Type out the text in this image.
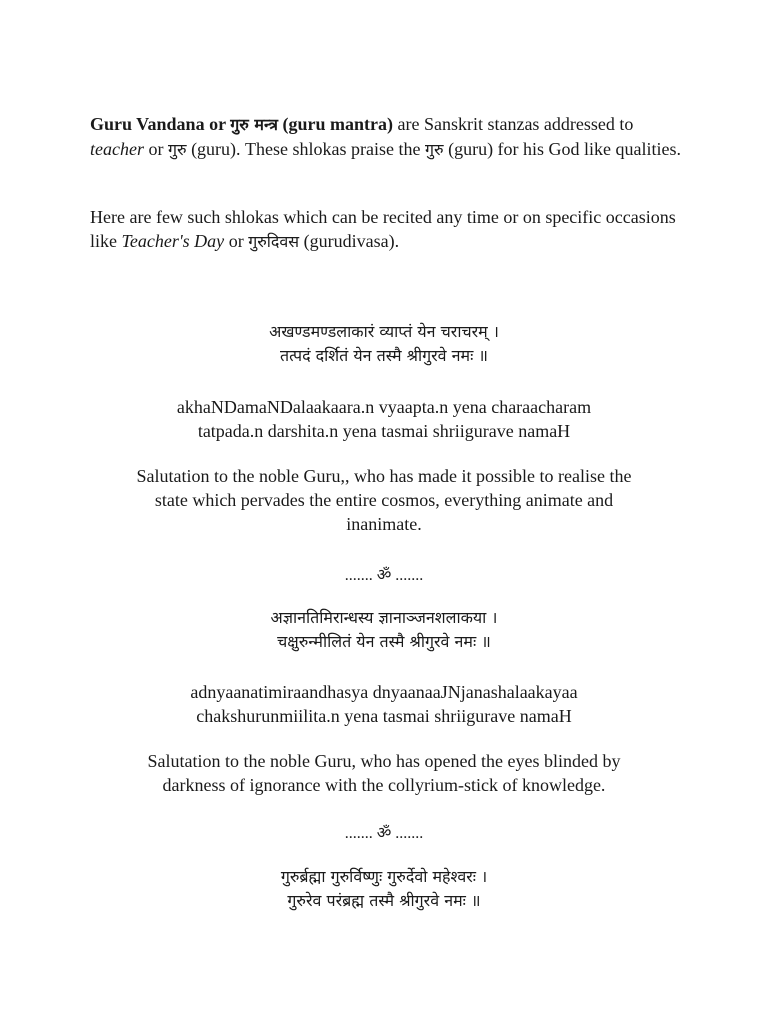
Guru Vandana or गुरु मन्त्र (guru mantra) are Sanskrit stanzas addressed to teacher or गुरु (guru). These shlokas praise the गुरु (guru) for his God like qualities.

Here are few such shlokas which can be recited any time or on specific occasions like Teacher's Day or गुरुदिवस (gurudivasa).

अखण्डमण्डलाकारं व्याप्तं येन चराचरम् ।
तत्पदं दर्शितं येन तस्मै श्रीगुरवे नमः ॥
akhaNDamaNDalaakaara.n vyaapta.n yena charaacharam
tatpada.n darshita.n yena tasmai shriigurave namaH
Salutation to the noble Guru,, who has made it possible to realise the
state which pervades the entire cosmos, everything animate and
inanimate.
....... ॐ .......
अज्ञानतिमिरान्धस्य ज्ञानाञ्जनशलाकया ।
चक्षुरुन्मीलितं येन तस्मै श्रीगुरवे नमः ॥
adnyaanatimiraandhasya dnyaanaaJNjanashalaakayaa
chakshurunmiilita.n yena tasmai shriigurave namaH
Salutation to the noble Guru, who has opened the eyes blinded by
darkness of ignorance with the collyrium-stick of knowledge.
....... ॐ .......
गुरुर्ब्रह्मा गुरुर्विष्णुः गुरुर्देवो महेश्वरः ।
गुरुरेव परंब्रह्म तस्मै श्रीगुरवे नमः ॥
